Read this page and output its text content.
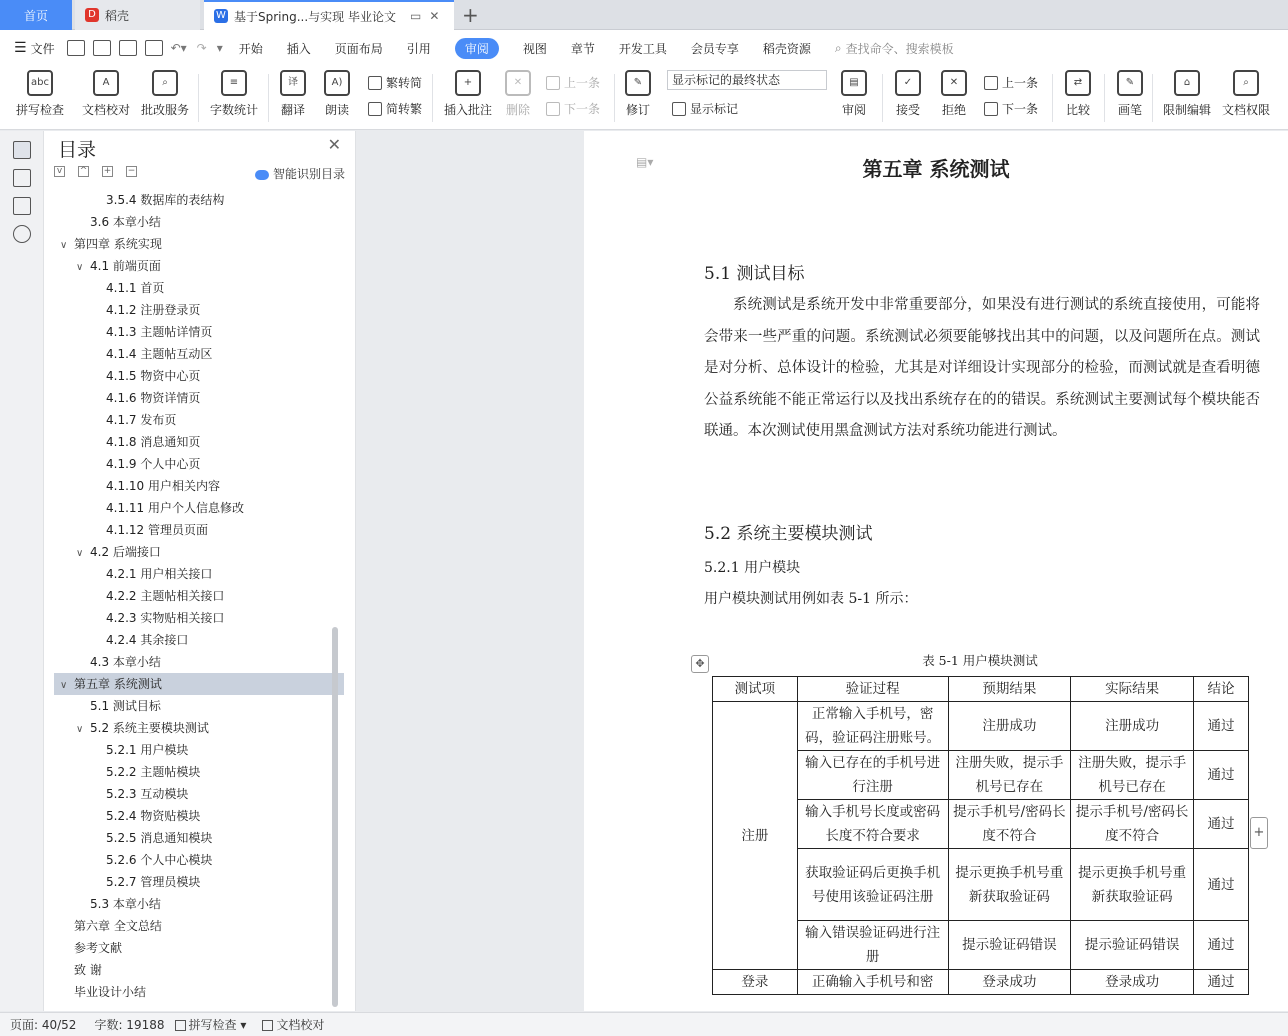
首页	D 稻壳	W 基于Spring...与实现 毕业论文 ▭ ✕ +
☰ 文件	↶▾ ↷ ▾ 开始 插入 页面布局 引用	审阅	视图 章节 开发工具 会员专享 稻壳资源 ⌕ 查找命令、搜索模板
abc
拼写检查
A
文档校对
⌕
批改服务
≡
字数统计
译
翻译
A)
朗读
繁转简
简转繁
+
插入批注
✕
删除
上一条
下一条
✎
修订
显示标记的最终状态
显示标记
▤
审阅
✓
接受
✕
拒绝
上一条
下一条
⇄
比较
✎
画笔
⌂
限制编辑
⌕
文档权限
目录	✕
v	^ + −	智能识别目录
3.5.4 数据库的表结构
3.6 本章小结
∨ 第四章 系统实现
∨ 4.1 前端页面
4.1.1 首页
4.1.2 注册登录页
4.1.3 主题帖详情页
4.1.4 主题帖互动区
4.1.5 物资中心页
4.1.6 物资详情页
4.1.7 发布页
4.1.8 消息通知页
4.1.9 个人中心页
4.1.10 用户相关内容
4.1.11 用户个人信息修改
4.1.12 管理员页面
∨ 4.2 后端接口
4.2.1 用户相关接口
4.2.2 主题帖相关接口
4.2.3 实物贴相关接口
4.2.4 其余接口
4.3 本章小结
∨ 第五章 系统测试
5.1 测试目标
∨ 5.2 系统主要模块测试
5.2.1 用户模块
5.2.2 主题帖模块
5.2.3 互动模块
5.2.4 物资贴模块
5.2.5 消息通知模块
5.2.6 个人中心模块
5.2.7 管理员模块
5.3 本章小结
第六章 全文总结
参考文献
致 谢
毕业设计小结
▤▾	第五章 系统测试
5.1 测试目标
系统测试是系统开发中非常重要部分，如果没有进行测试的系统直接使用，可能将会带来一些严重的问题。系统测试必须要能够找出其中的问题，以及问题所在点。测试是对分析、总体设计的检验，尤其是对详细设计实现部分的检验，而测试就是查看明德公益系统能不能正常运行以及找出系统存在的的错误。系统测试主要测试每个模块能否联通。本次测试使用黑盒测试方法对系统功能进行测试。
5.2 系统主要模块测试
5.2.1 用户模块
用户模块测试用例如表 5-1 所示：
表 5-1 用户模块测试
✥
测试项	验证过程	预期结果	实际结果	结论
注册	正常输入手机号，密码，验证码注册账号。	注册成功	注册成功	通过
	输入已存在的手机号进行注册	注册失败，提示手机号已存在	注册失败，提示手机号已存在	通过
	输入手机号长度或密码长度不符合要求	提示手机号/密码长度不符合	提示手机号/密码长度不符合	通过
	获取验证码后更换手机号使用该验证码注册	提示更换手机号重新获取验证码	提示更换手机号重新获取验证码	通过
	输入错误验证码进行注册	提示验证码错误	提示验证码错误	通过
登录	正确输入手机号和密	登录成功	登录成功	通过
+
页面: 40/52 字数: 19188	拼写检查 ▾	文档校对
